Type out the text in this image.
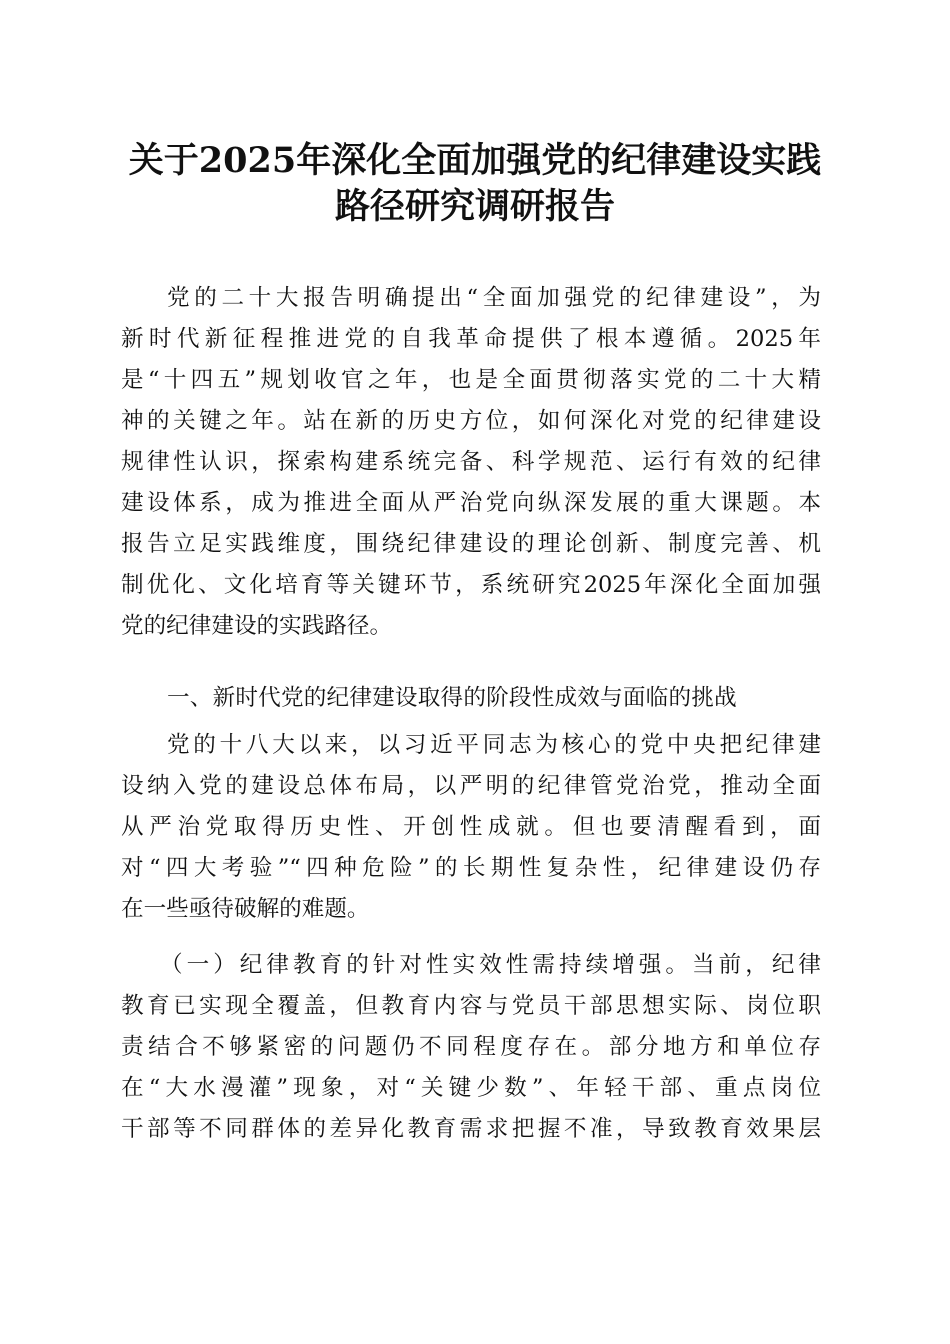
关于2025年深化全面加强党的纪律建设实践
路径研究调研报告
党的二十大报告明确提出“全面加强党的纪律建设”，为
新时代新征程推进党的自我革命提供了根本遵循。2025年
是“十四五”规划收官之年，也是全面贯彻落实党的二十大精
神的关键之年。站在新的历史方位，如何深化对党的纪律建设
规律性认识，探索构建系统完备、科学规范、运行有效的纪律
建设体系，成为推进全面从严治党向纵深发展的重大课题。本
报告立足实践维度，围绕纪律建设的理论创新、制度完善、机
制优化、文化培育等关键环节，系统研究2025年深化全面加强
党的纪律建设的实践路径。
一、新时代党的纪律建设取得的阶段性成效与面临的挑战
党的十八大以来，以习近平同志为核心的党中央把纪律建
设纳入党的建设总体布局，以严明的纪律管党治党，推动全面
从严治党取得历史性、开创性成就。但也要清醒看到，面
对“四大考验”“四种危险”的长期性复杂性，纪律建设仍存
在一些亟待破解的难题。
（一）纪律教育的针对性实效性需持续增强。当前，纪律
教育已实现全覆盖，但教育内容与党员干部思想实际、岗位职
责结合不够紧密的问题仍不同程度存在。部分地方和单位存
在“大水漫灌”现象，对“关键少数”、年轻干部、重点岗位
干部等不同群体的差异化教育需求把握不准，导致教育效果层
